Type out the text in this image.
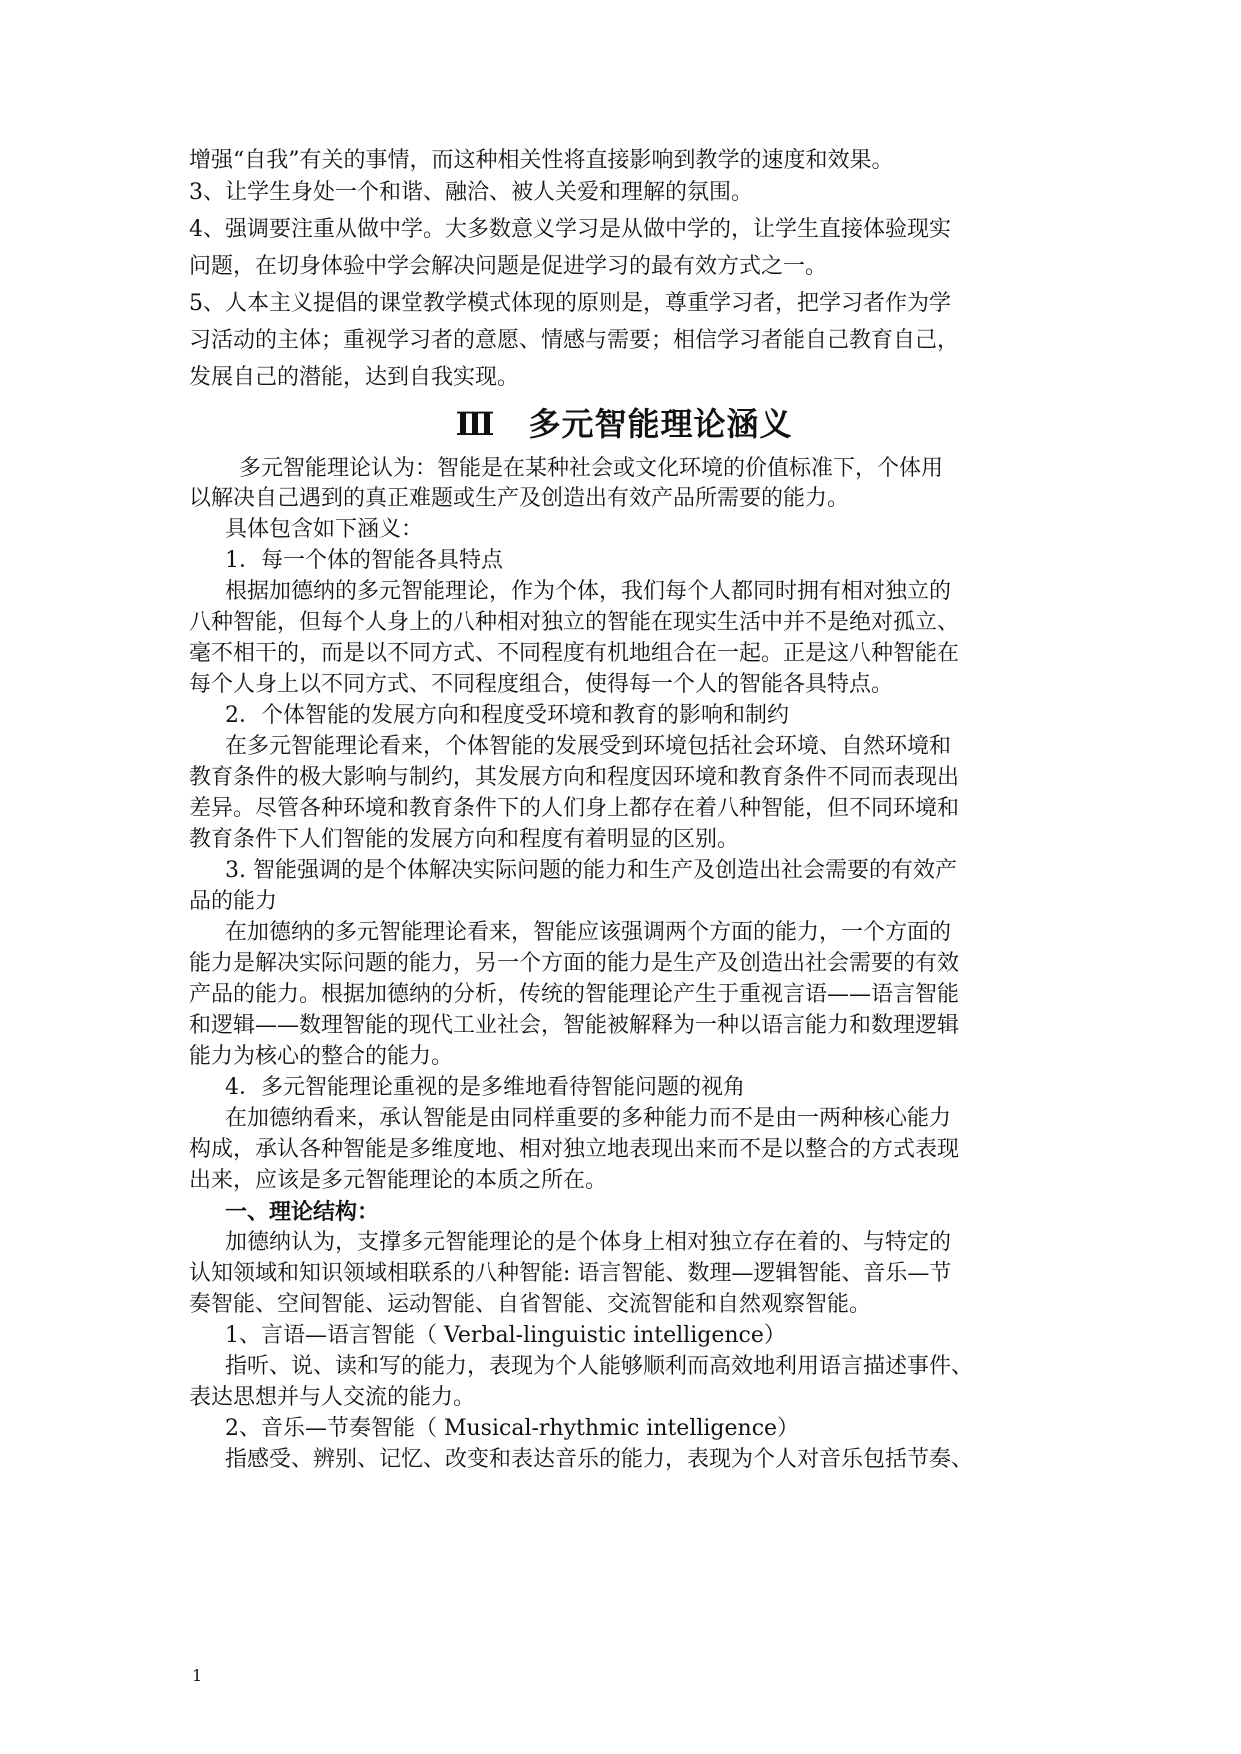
增强“自我”有关的事情，而这种相关性将直接影响到教学的速度和效果。
3、让学生身处一个和谐、融洽、被人关爱和理解的氛围。
4、强调要注重从做中学。大多数意义学习是从做中学的，让学生直接体验现实
问题，在切身体验中学会解决问题是促进学习的最有效方式之一。
5、人本主义提倡的课堂教学模式体现的原则是，尊重学习者，把学习者作为学
习活动的主体；重视学习者的意愿、情感与需要；相信学习者能自己教育自己，
发展自己的潜能，达到自我实现。
Ⅲ　多元智能理论涵义
多元智能理论认为：智能是在某种社会或文化环境的价值标准下，个体用
以解决自己遇到的真正难题或生产及创造出有效产品所需要的能力。
具体包含如下涵义：
1．每一个体的智能各具特点
根据加德纳的多元智能理论，作为个体，我们每个人都同时拥有相对独立的
八种智能，但每个人身上的八种相对独立的智能在现实生活中并不是绝对孤立、
毫不相干的，而是以不同方式、不同程度有机地组合在一起。正是这八种智能在
每个人身上以不同方式、不同程度组合，使得每一个人的智能各具特点。
2．个体智能的发展方向和程度受环境和教育的影响和制约
在多元智能理论看来，个体智能的发展受到环境包括社会环境、自然环境和
教育条件的极大影响与制约，其发展方向和程度因环境和教育条件不同而表现出
差异。尽管各种环境和教育条件下的人们身上都存在着八种智能，但不同环境和
教育条件下人们智能的发展方向和程度有着明显的区别。
3. 智能强调的是个体解决实际问题的能力和生产及创造出社会需要的有效产
品的能力
在加德纳的多元智能理论看来，智能应该强调两个方面的能力，一个方面的
能力是解决实际问题的能力，另一个方面的能力是生产及创造出社会需要的有效
产品的能力。根据加德纳的分析，传统的智能理论产生于重视言语——语言智能
和逻辑——数理智能的现代工业社会，智能被解释为一种以语言能力和数理逻辑
能力为核心的整合的能力。
4．多元智能理论重视的是多维地看待智能问题的视角
在加德纳看来，承认智能是由同样重要的多种能力而不是由一两种核心能力
构成，承认各种智能是多维度地、相对独立地表现出来而不是以整合的方式表现
出来，应该是多元智能理论的本质之所在。
一、理论结构：
加德纳认为，支撑多元智能理论的是个体身上相对独立存在着的、与特定的
认知领域和知识领域相联系的八种智能: 语言智能、数理—逻辑智能、音乐—节
奏智能、空间智能、运动智能、自省智能、交流智能和自然观察智能。
1、言语—语言智能（ Verbal-linguistic intelligence）
指听、说、读和写的能力，表现为个人能够顺利而高效地利用语言描述事件、
表达思想并与人交流的能力。
2、音乐—节奏智能（ Musical-rhythmic intelligence）
指感受、辨别、记忆、改变和表达音乐的能力，表现为个人对音乐包括节奏、
1
